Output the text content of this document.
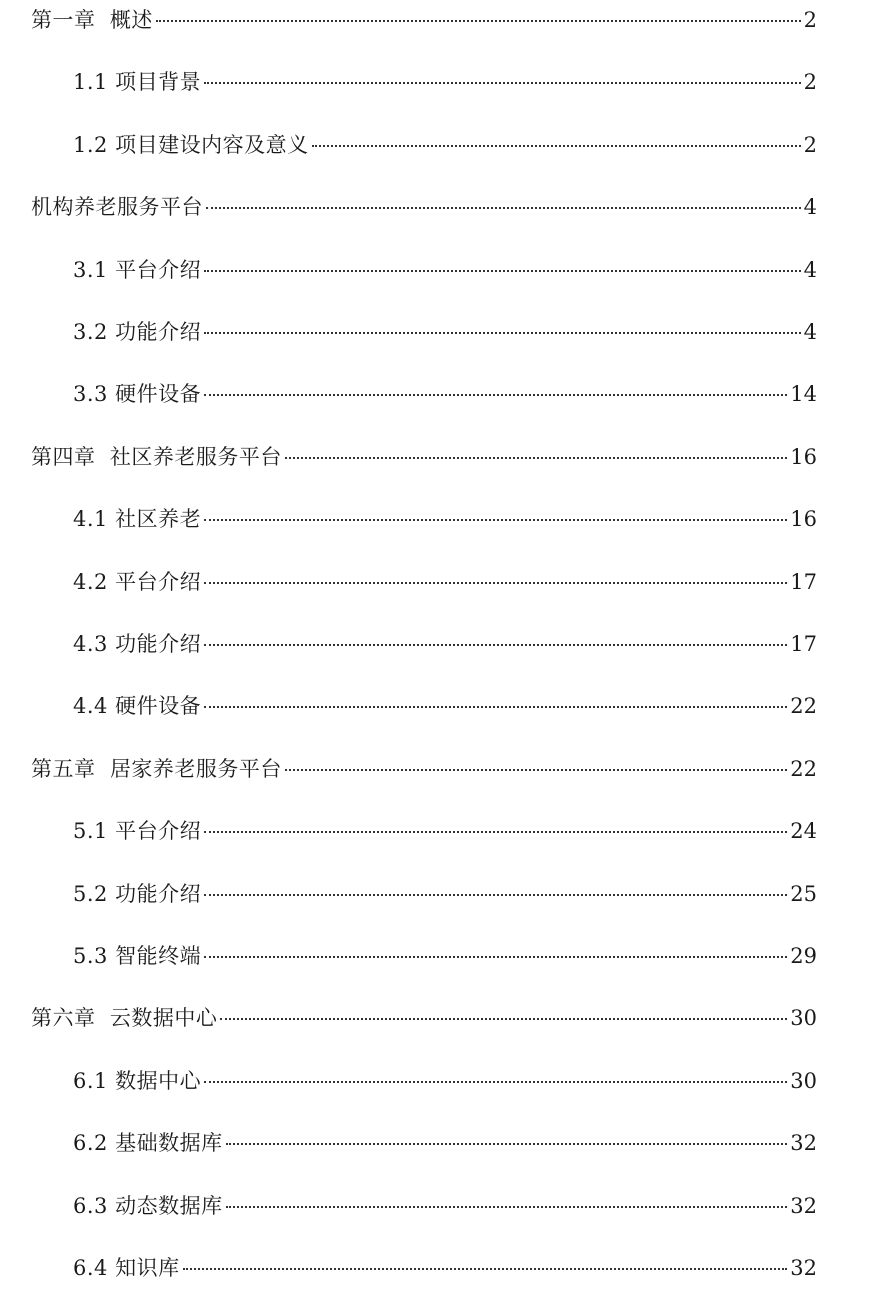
第一章  概述	2
1.1 项目背景	2
1.2 项目建设内容及意义	2
机构养老服务平台	4
3.1 平台介绍	4
3.2 功能介绍	4
3.3 硬件设备	14
第四章  社区养老服务平台	16
4.1 社区养老	16
4.2 平台介绍	17
4.3 功能介绍	17
4.4 硬件设备	22
第五章  居家养老服务平台	22
5.1 平台介绍	24
5.2 功能介绍	25
5.3 智能终端	29
第六章  云数据中心	30
6.1 数据中心	30
6.2 基础数据库	32
6.3 动态数据库	32
6.4 知识库	32
